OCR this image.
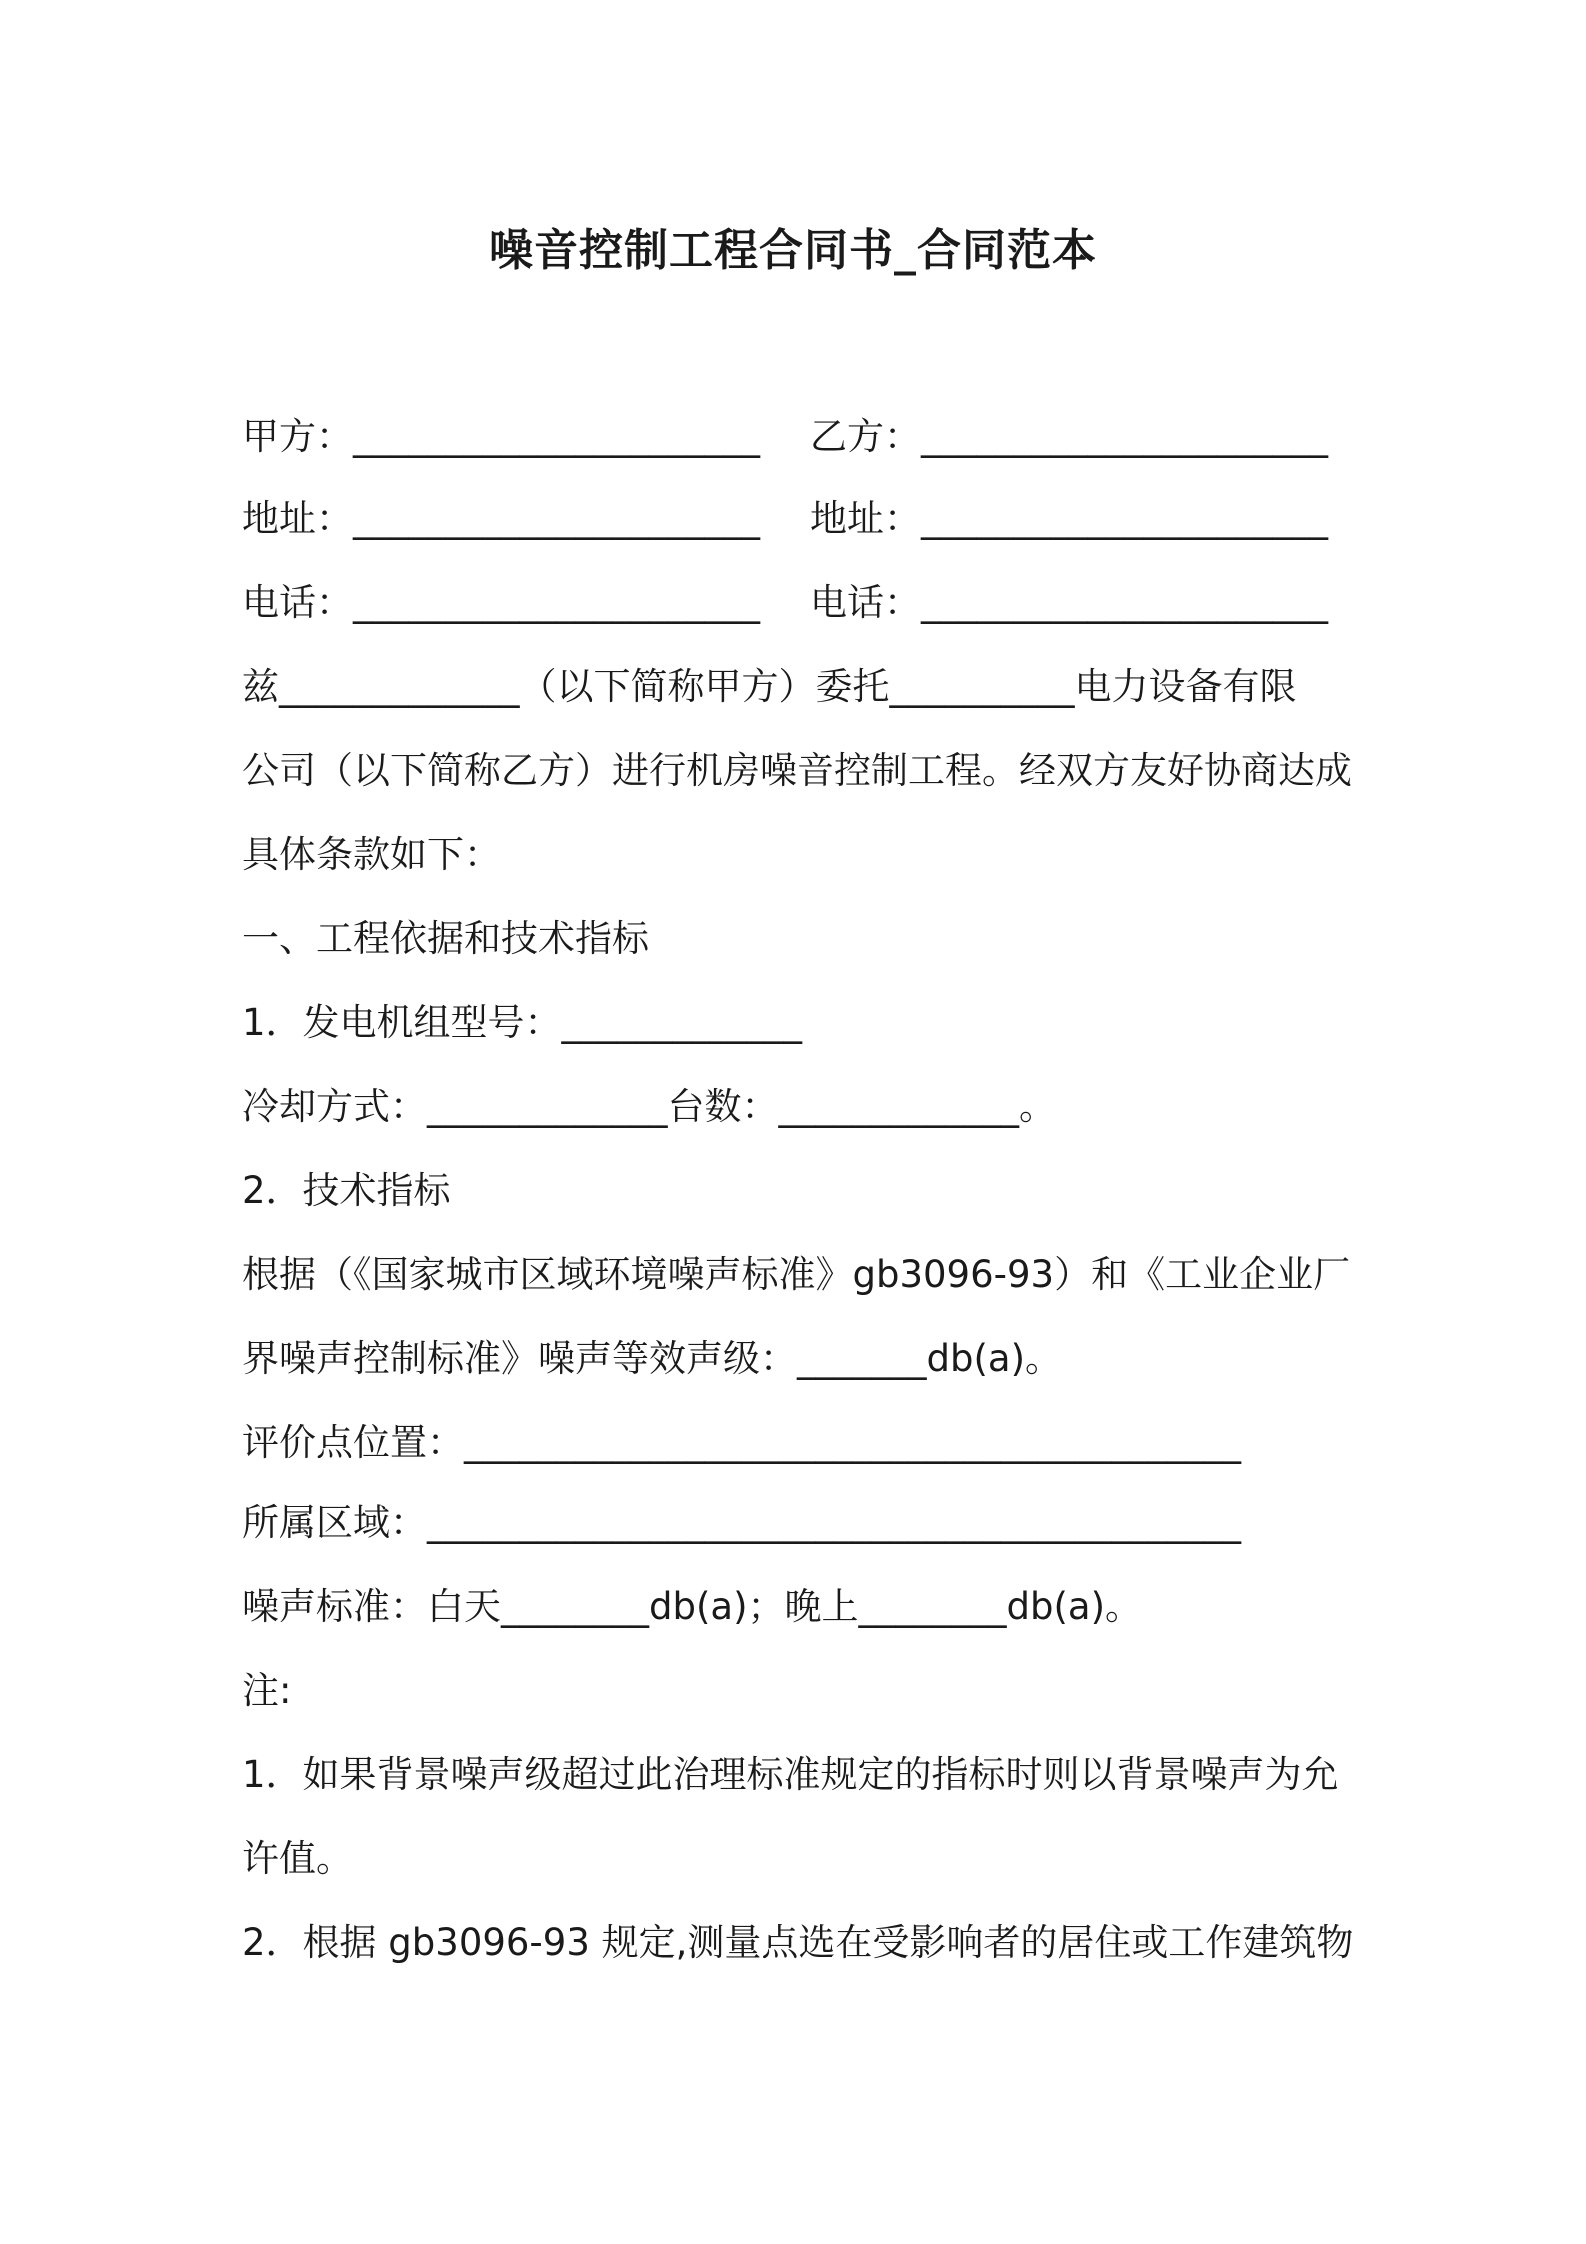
噪音控制工程合同书_合同范本
甲方：______________________ 乙方：______________________
地址：______________________ 地址：______________________
电话：______________________ 电话：______________________
兹_____________（以下简称甲方）委托__________电力设备有限
公司（以下简称乙方）进行机房噪音控制工程。经双方友好协商达成
具体条款如下：
一、工程依据和技术指标
1．发电机组型号：_____________
冷却方式：_____________台数：_____________。
2．技术指标
根据（《国家城市区域环境噪声标准》gb3096-93）和《工业企业厂
界噪声控制标准》噪声等效声级：_______db(a)。
评价点位置：__________________________________________
所属区域：____________________________________________
噪声标准：白天________db(a)；晚上________db(a)。
注:
1．如果背景噪声级超过此治理标准规定的指标时则以背景噪声为允
许值。
2．根据 gb3096-93 规定,测量点选在受影响者的居住或工作建筑物
